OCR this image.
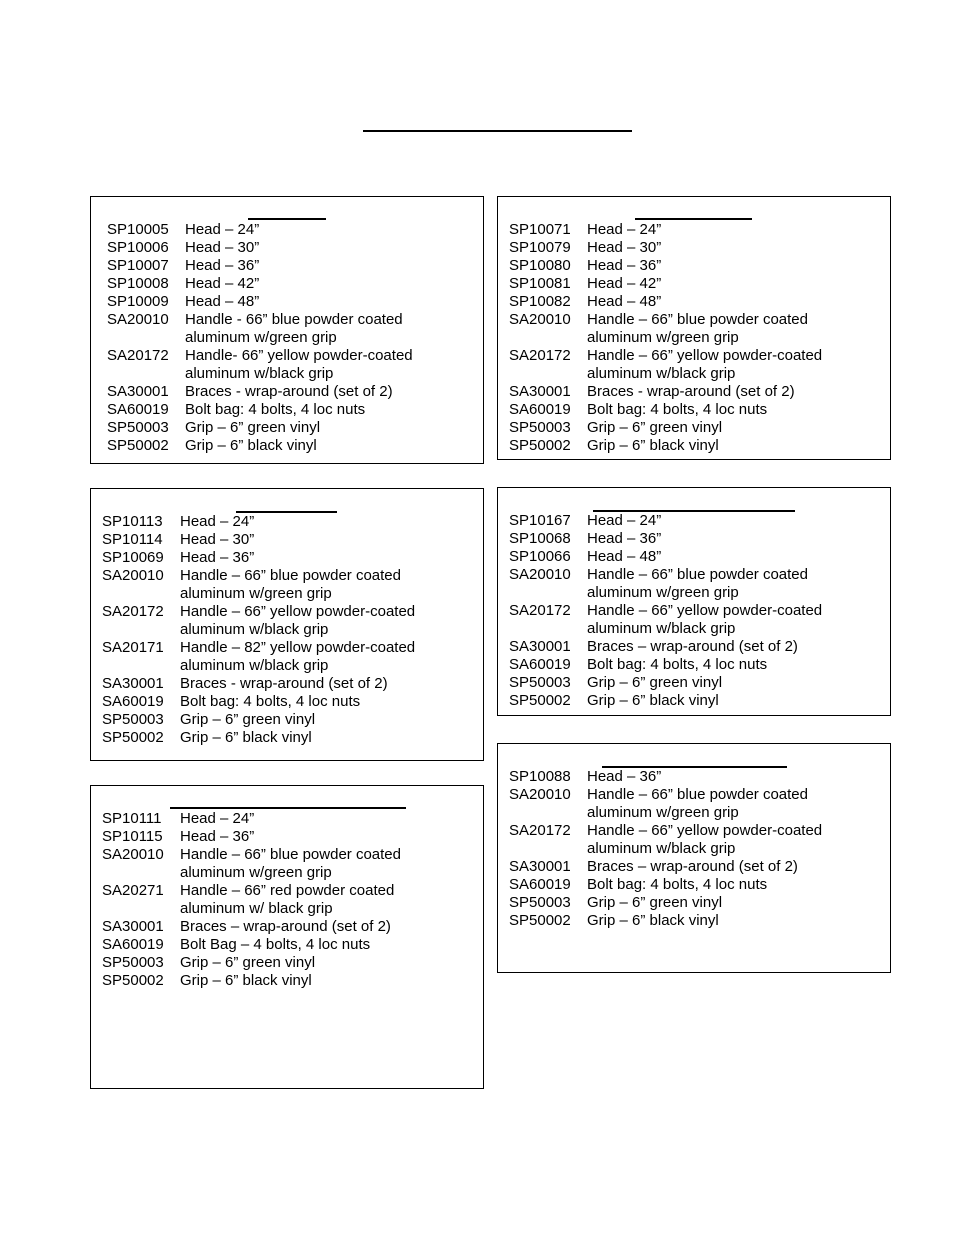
SP10005	Head – 24”
SP10006	Head – 30”
SP10007	Head – 36”
SP10008	Head – 42”
SP10009	Head – 48”
SA20010	Handle - 66” blue powder coated
aluminum w/green grip
SA20172	Handle- 66” yellow powder-coated
aluminum w/black grip
SA30001	Braces - wrap-around (set of 2)
SA60019	Bolt bag: 4 bolts, 4 loc nuts
SP50003	Grip – 6” green vinyl
SP50002	Grip – 6” black vinyl
SP10071	Head – 24”
SP10079	Head – 30”
SP10080	Head – 36”
SP10081	Head – 42”
SP10082	Head – 48”
SA20010	Handle – 66” blue powder coated
aluminum w/green grip
SA20172	Handle – 66” yellow powder-coated
aluminum w/black grip
SA30001	Braces - wrap-around (set of 2)
SA60019	Bolt bag: 4 bolts, 4 loc nuts
SP50003	Grip – 6” green vinyl
SP50002	Grip – 6” black vinyl
SP10113	Head – 24”
SP10114	Head – 30”
SP10069	Head – 36”
SA20010	Handle – 66” blue powder coated
aluminum w/green grip
SA20172	Handle – 66” yellow powder-coated
aluminum w/black grip
SA20171	Handle – 82” yellow powder-coated
aluminum w/black grip
SA30001	Braces - wrap-around (set of 2)
SA60019	Bolt bag: 4 bolts, 4 loc nuts
SP50003	Grip – 6” green vinyl
SP50002	Grip – 6” black vinyl
SP10167	Head – 24”
SP10068	Head – 36”
SP10066	Head – 48”
SA20010	Handle – 66” blue powder coated
aluminum w/green grip
SA20172	Handle – 66” yellow powder-coated
aluminum w/black grip
SA30001	Braces – wrap-around (set of 2)
SA60019	Bolt bag: 4 bolts, 4 loc nuts
SP50003	Grip – 6” green vinyl
SP50002	Grip – 6” black vinyl
SP10111	Head – 24”
SP10115	Head – 36”
SA20010	Handle – 66” blue powder coated
aluminum w/green grip
SA20271	Handle – 66” red powder coated
aluminum w/ black grip
SA30001	Braces – wrap-around (set of 2)
SA60019	Bolt Bag – 4 bolts, 4 loc nuts
SP50003	Grip – 6” green vinyl
SP50002	Grip – 6” black vinyl
SP10088	Head – 36”
SA20010	Handle – 66” blue powder coated
aluminum w/green grip
SA20172	Handle – 66” yellow powder-coated
aluminum w/black grip
SA30001	Braces – wrap-around (set of 2)
SA60019	Bolt bag: 4 bolts, 4 loc nuts
SP50003	Grip – 6” green vinyl
SP50002	Grip – 6” black vinyl
